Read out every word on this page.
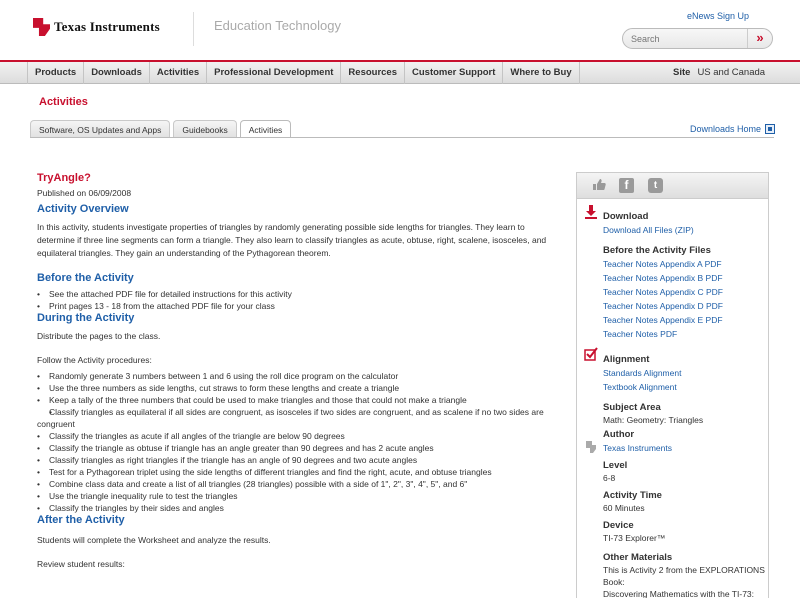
Texas Instruments	Education Technology
eNews Sign Up
Search
»
Products	Downloads	Activities	Professional Development	Resources	Customer Support	Where to Buy	Site US and Canada
Activities
Software, OS Updates and Apps	Guidebooks	Activities	Downloads Home
TryAngle?
Published on 06/09/2008
Activity Overview
In this activity, students investigate properties of triangles by randomly generating possible side lengths for triangles. They learn to determine if three line segments can form a triangle. They also learn to classify triangles as acute, obtuse, right, scalene, isosceles, and equilateral triangles. They gain an understanding of the Pythagorean theorem.
Before the Activity
• See the attached PDF file for detailed instructions for this activity
• Print pages 13 - 18 from the attached PDF file for your class
During the Activity
Distribute the pages to the class.
Follow the Activity procedures:
• Randomly generate 3 numbers between 1 and 6 using the roll dice program on the calculator
• Use the three numbers as side lengths, cut straws to form these lengths and create a triangle
• Keep a tally of the three numbers that could be used to make triangles and those that could not make a triangle
• Classify triangles as equilateral if all sides are congruent, as isosceles if two sides are congruent, and as scalene if no two sides are congruent
• Classify the triangles as acute if all angles of the triangle are below 90 degrees
• Classify the triangle as obtuse if triangle has an angle greater than 90 degrees and has 2 acute angles
• Classify triangles as right triangles if the triangle has an angle of 90 degrees and two acute angles
• Test for a Pythagorean triplet using the side lengths of different triangles and find the right, acute, and obtuse triangles
• Combine class data and create a list of all triangles (28 triangles) possible with a side of 1", 2", 3", 4", 5", and 6"
• Use the triangle inequality rule to test the triangles
• Classify the triangles by their sides and angles
After the Activity
Students will complete the Worksheet and analyze the results.
Review student results:
f	t
Download
Download All Files (ZIP)
Before the Activity Files
Teacher Notes Appendix A PDF
Teacher Notes Appendix B PDF
Teacher Notes Appendix C PDF
Teacher Notes Appendix D PDF
Teacher Notes Appendix E PDF
Teacher Notes PDF
Alignment
Standards Alignment
Textbook Alignment
Subject Area
Math: Geometry: Triangles
Author
Texas Instruments
Level
6-8
Activity Time
60 Minutes
Device
TI-73 Explorer™
Other Materials
This is Activity 2 from the EXPLORATIONS Book:
Discovering Mathematics with the TI-73:
